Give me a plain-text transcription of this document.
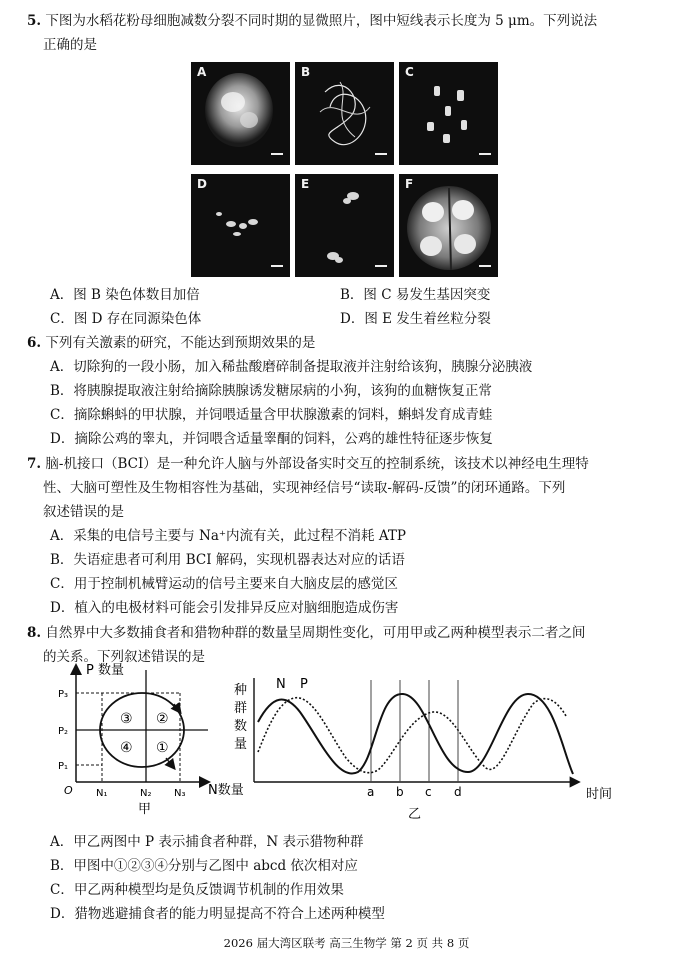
5. 下图为水稻花粉母细胞减数分裂不同时期的显微照片，图中短线表示长度为 5 μm。下列说法
正确的是
A	B	C
D	E	F
A．图 B 染色体数目加倍	B．图 C 易发生基因突变
C．图 D 存在同源染色体	D．图 E 发生着丝粒分裂
6. 下列有关激素的研究，不能达到预期效果的是
A．切除狗的一段小肠，加入稀盐酸磨碎制备提取液并注射给该狗，胰腺分泌胰液
B．将胰腺提取液注射给摘除胰腺诱发糖尿病的小狗，该狗的血糖恢复正常
C．摘除蝌蚪的甲状腺，并饲喂适量含甲状腺激素的饲料，蝌蚪发育成青蛙
D．摘除公鸡的睾丸，并饲喂含适量睾酮的饲料，公鸡的雄性特征逐步恢复
7. 脑-机接口（BCI）是一种允许人脑与外部设备实时交互的控制系统，该技术以神经电生理特
性、大脑可塑性及生物相容性为基础，实现神经信号“读取-解码-反馈”的闭环通路。下列
叙述错误的是
A．采集的电信号主要与 Na⁺内流有关，此过程不消耗 ATP
B．失语症患者可利用 BCI 解码，实现机器表达对应的话语
C．用于控制机械臂运动的信号主要来自大脑皮层的感觉区
D．植入的电极材料可能会引发排异反应对脑细胞造成伤害
8. 自然界中大多数捕食者和猎物种群的数量呈周期性变化，可用甲或乙两种模型表示二者之间
的关系。下列叙述错误的是
P 数量
N数量
O
P₃
P₂
P₁
N₁	N₂ N₃
③ ②
④ ①
甲
种
群
数
量
N P
a b c d	时间
乙
A．甲乙两图中 P 表示捕食者种群，N 表示猎物种群
B．甲图中①②③④分别与乙图中 abcd 依次相对应
C．甲乙两种模型均是负反馈调节机制的作用效果
D．猎物逃避捕食者的能力明显提高不符合上述两种模型
2026 届大湾区联考 高三生物学 第 2 页 共 8 页
